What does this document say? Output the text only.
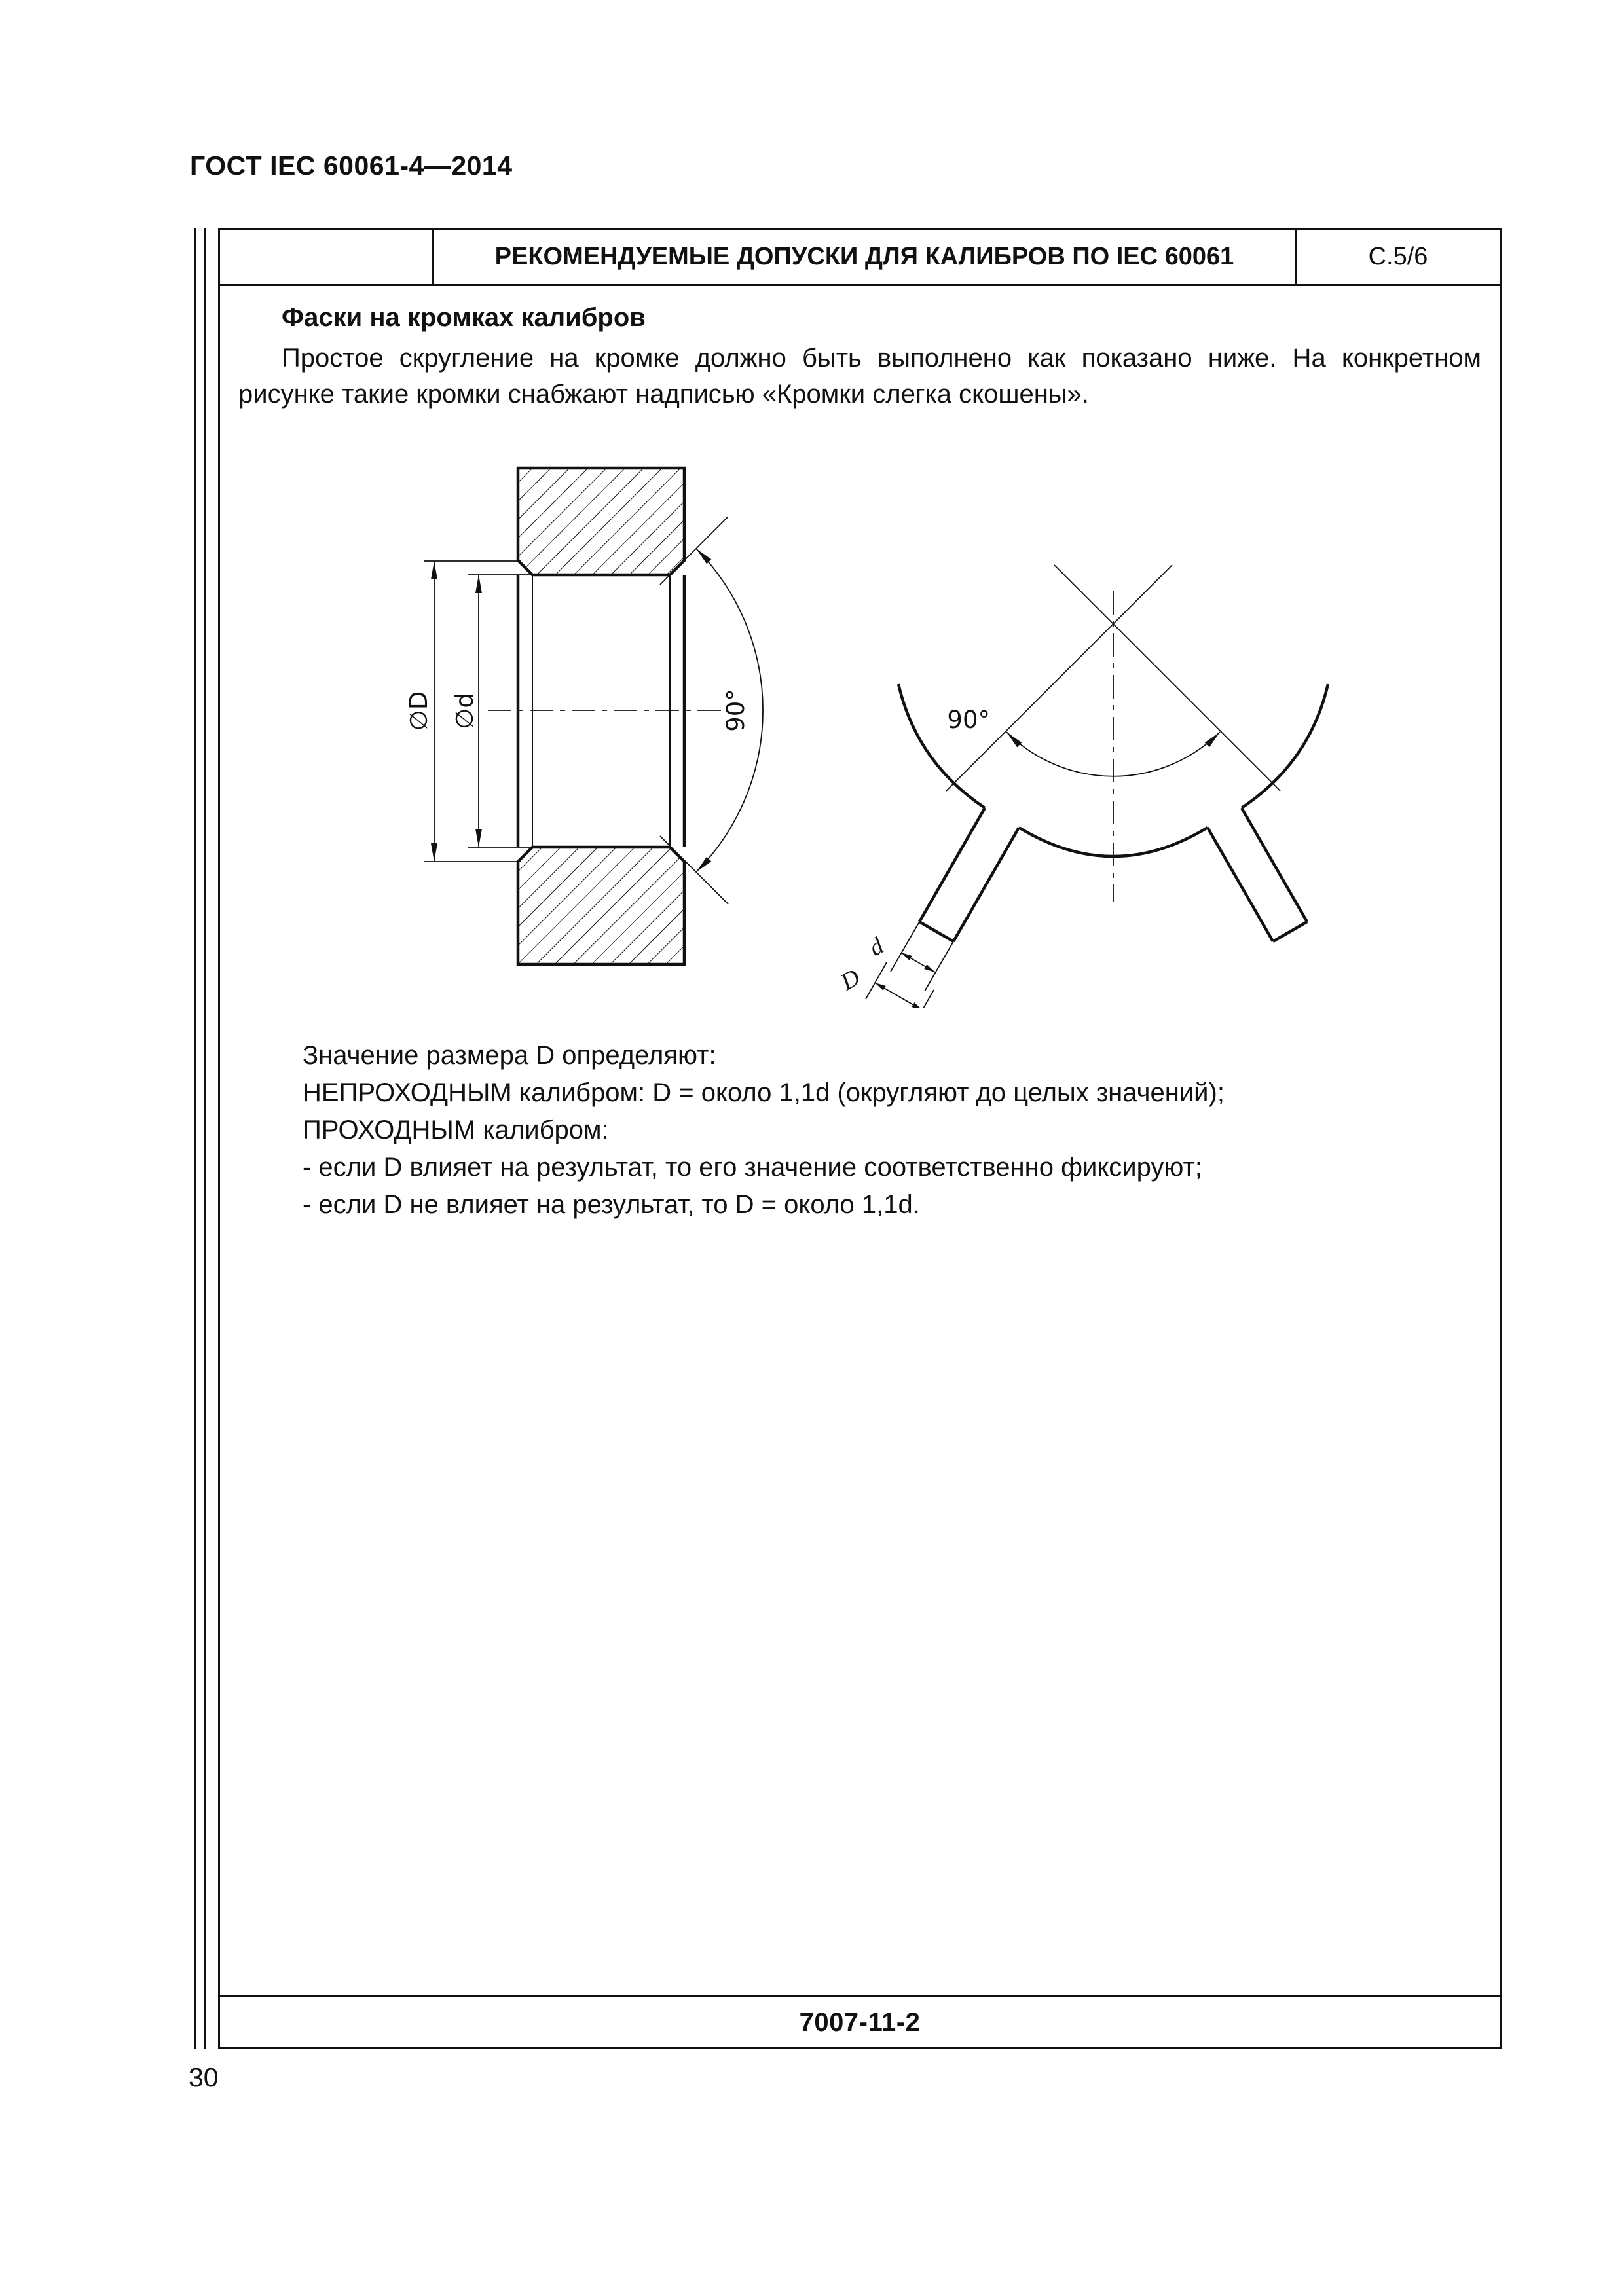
ГОСТ IEC 60061-4—2014
РЕКОМЕНДУЕМЫЕ ДОПУСКИ ДЛЯ КАЛИБРОВ ПО IEC 60061	С.5/6
Фаски на кромках калибров

Простое скругление на кромке должно быть выполнено как показано ниже. На конкретном рисунке такие кромки снабжают надписью «Кромки слегка скошены».

∅D ∅d	90°	90°
d
D
Значение размера D определяют:
НЕПРОХОДНЫМ калибром: D = около 1,1d (округляют до целых значений);
ПРОХОДНЫМ калибром:
- если D влияет на результат, то его значение соответственно фиксируют;
- если D не влияет на результат, то D = около 1,1d.
7007-11-2
30
